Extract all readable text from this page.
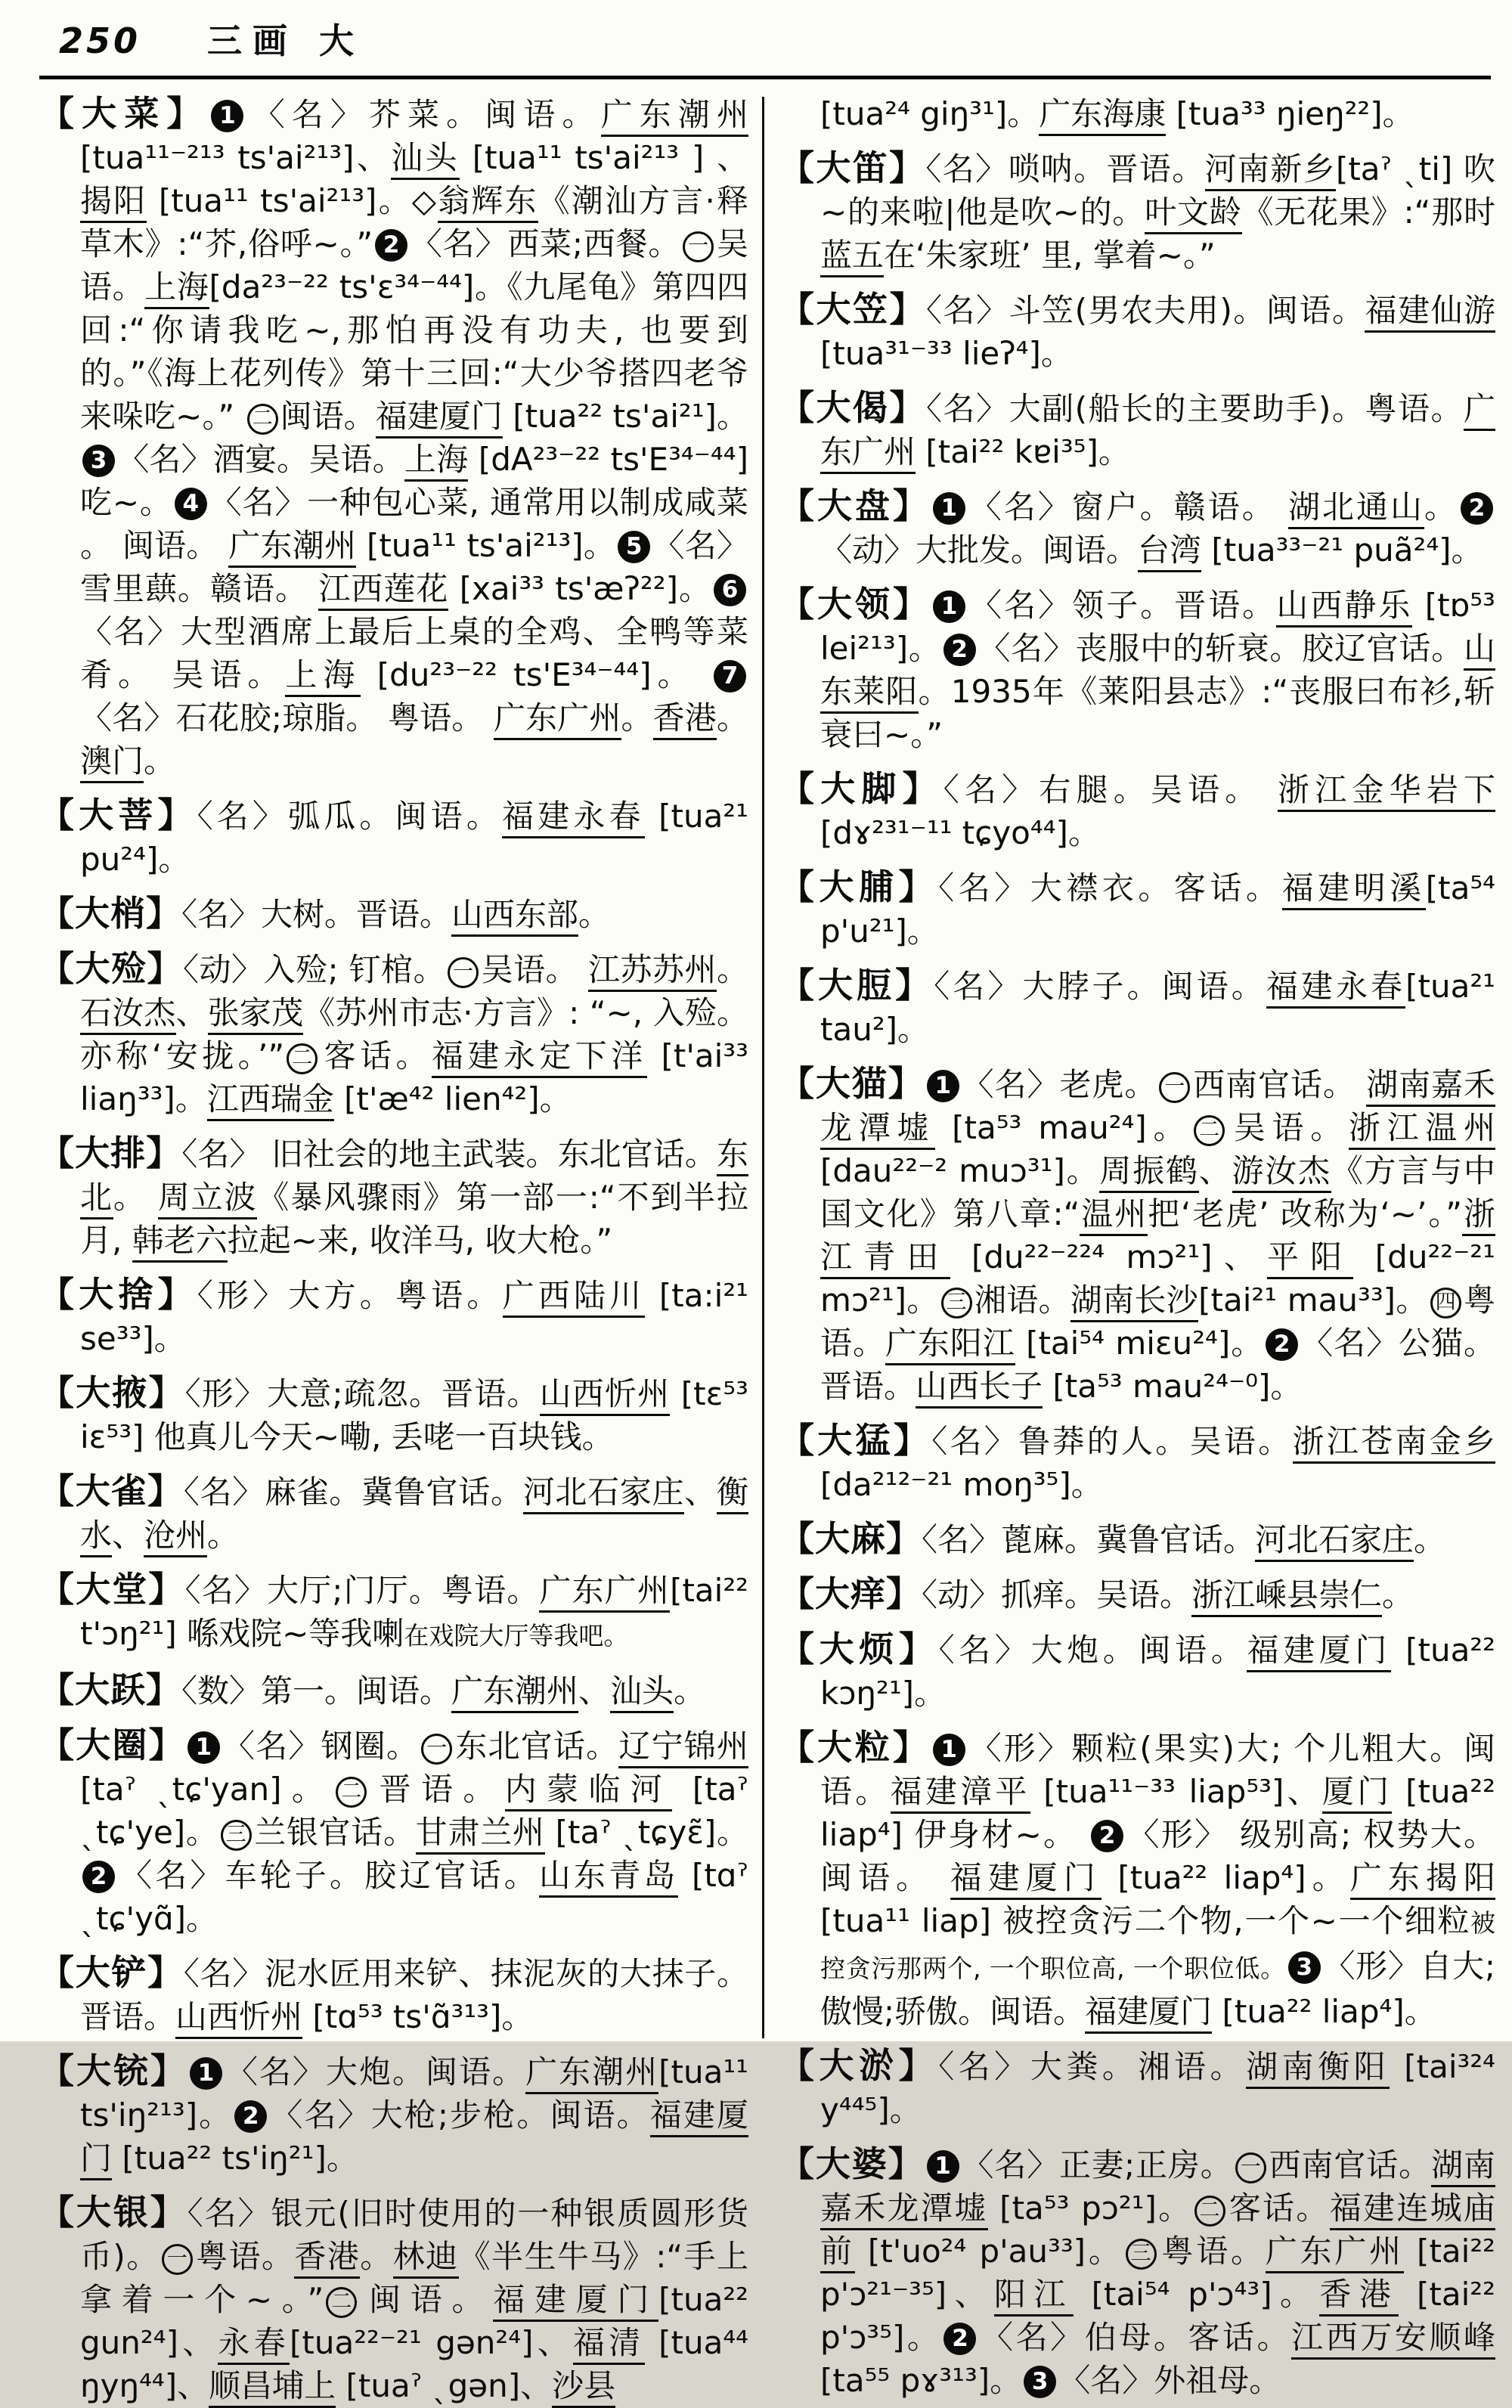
250 三画 大

【大菜】 1 〈名〉芥菜。闽语。广东潮州 [tua¹¹⁻²¹³ ts'ai²¹³]、汕头 [tua¹¹ ts'ai²¹³ ] 、揭阳 [tua¹¹ ts'ai²¹³]。◇翁辉东《潮汕方言·释草木》:“芥,俗呼~。” 2 〈名〉西菜;西餐。 一 吴语。上海[da²³⁻²² ts'ε³⁴⁻⁴⁴]。《九尾龟》第四四回:“你请我吃~,那怕再没有功夫, 也要到的。”《海上花列传》第十三回:“大少爷搭四老爷来哚吃~。” 二 闽语。福建厦门 [tua²² ts'ai²¹]。3 〈名〉酒宴。吴语。上海 [dA²³⁻²² ts'E³⁴⁻⁴⁴] 吃~。 4 〈名〉一种包心菜, 通常用以制成咸菜 。 闽语。 广东潮州 [tua¹¹ ts'ai²¹³]。 5 〈名〉雪里蕻。赣语。 江西莲花 [xai³³ ts'æʔ²²]。 6〈名〉大型酒席上最后上桌的全鸡、全鸭等菜肴。 吴语。上海 [du²³⁻²² ts'E³⁴⁻⁴⁴]。 7〈名〉石花胶;琼脂。 粤语。 广东广州。香港。 澳门。

【大菩】〈名〉弧瓜。闽语。福建永春 [tua²¹ pu²⁴]。

【大梢】〈名〉大树。晋语。山西东部。

【大殓】〈动〉入殓; 钉棺。 一 吴语。 江苏苏州。石汝杰、张家茂《苏州市志·方言》: “~, 入殓。亦称‘安拢。’” 二 客话。福建永定下洋 [t'ai³³ liaŋ³³]。江西瑞金 [t'æ⁴² lien⁴²]。

【大排】〈名〉 旧社会的地主武装。东北官话。东北。 周立波《暴风骤雨》第一部一:“不到半拉月, 韩老六拉起~来, 收洋马, 收大枪。”

【大捨】〈形〉大方。粤语。广西陆川 [ta:i²¹ se³³]。

【大掖】〈形〉大意;疏忽。晋语。山西忻州 [tɛ⁵³ iɛ⁵³] 他真儿今天~嘞, 丢咾一百块钱。

【大雀】〈名〉麻雀。冀鲁官话。河北石家庄、衡水、沧州。

【大堂】〈名〉大厅;门厅。粤语。广东广州[tai²² t'ɔŋ²¹] 喺戏院~等我喇在戏院大厅等我吧。

【大跃】〈数〉第一。闽语。广东潮州、汕头。

【大圈】 1 〈名〉钢圈。 一 东北官话。辽宁锦州 [taˀ ˎtɕ'yan]。 二 晋语。内蒙临河 [taˀ ˎtɕ'ye]。 三 兰银官话。甘肃兰州 [taˀ ˎtɕyɛ̃]。2 〈名〉车轮子。胶辽官话。山东青岛 [tɑˀ ˎtɕ'yɑ̃]。

【大铲】〈名〉泥水匠用来铲、抹泥灰的大抹子。晋语。山西忻州 [tɑ⁵³ ts'ɑ̃³¹³]。

【大铳】 1 〈名〉大炮。闽语。广东潮州[tua¹¹ ts'iŋ²¹³]。 2 〈名〉大枪;步枪。闽语。福建厦门 [tua²² ts'iŋ²¹]。

【大银】〈名〉银元(旧时使用的一种银质圆形货币)。 一 粤语。香港。林迪《半生牛马》:“手上拿着一个~。” 二 闽语。福建厦门[tua²² gun²⁴]、永春[tua²²⁻²¹ gən²⁴]、福清 [tua⁴⁴ ŋyŋ⁴⁴]、顺昌埔上 [tuaˀ ˎgən]、沙县

[tua²⁴ giŋ³¹]。广东海康 [tua³³ ŋieŋ²²]。

【大笛】〈名〉唢呐。晋语。河南新乡[taˀ ˎti] 吹~的来啦|他是吹~的。叶文龄《无花果》:“那时蓝五在‘朱家班’ 里, 掌着~。”

【大笠】〈名〉斗笠(男农夫用)。闽语。福建仙游[tua³¹⁻³³ lieʔ⁴]。

【大偈】〈名〉大副(船长的主要助手)。粤语。广东广州 [tai²² kɐi³⁵]。

【大盘】 1 〈名〉窗户。赣语。 湖北通山。 2〈动〉大批发。闽语。台湾 [tua³³⁻²¹ puã²⁴]。

【大领】 1 〈名〉领子。晋语。山西静乐 [tɒ⁵³ lei²¹³]。 2 〈名〉丧服中的斩衰。胶辽官话。山东莱阳。1935年《莱阳县志》:“丧服曰布衫,斩衰曰~。”

【大脚】〈名〉右腿。吴语。 浙江金华岩下 [dɤ²³¹⁻¹¹ tɕyo⁴⁴]。

【大脯】〈名〉大襟衣。客话。福建明溪[ta⁵⁴ p'u²¹]。

【大脰】〈名〉大脖子。闽语。福建永春[tua²¹ tau²]。

【大猫】 1 〈名〉老虎。 一 西南官话。 湖南嘉禾龙潭墟 [ta⁵³ mau²⁴]。 二 吴语。浙江温州[dau²²⁻² muɔ³¹]。周振鹤、游汝杰《方言与中国文化》第八章:“温州把‘老虎’ 改称为‘~’。”浙江青田 [du²²⁻²²⁴ mɔ²¹]、平阳 [du²²⁻²¹ mɔ²¹]。 三 湘语。湖南长沙[tai²¹ mau³³]。 四 粤语。广东阳江 [tai⁵⁴ miɛu²⁴]。 2 〈名〉公猫。晋语。山西长子 [ta⁵³ mau²⁴⁻⁰]。

【大猛】〈名〉鲁莽的人。吴语。浙江苍南金乡[da²¹²⁻²¹ moŋ³⁵]。

【大麻】〈名〉蓖麻。冀鲁官话。河北石家庄。

【大痒】〈动〉抓痒。吴语。浙江嵊县崇仁。

【大烦】〈名〉大炮。闽语。福建厦门 [tua²² kɔŋ²¹]。

【大粒】 1 〈形〉颗粒(果实)大; 个儿粗大。闽语。福建漳平 [tua¹¹⁻³³ liap⁵³]、厦门 [tua²² liap⁴] 伊身材~。 2 〈形〉 级别高; 权势大。 闽语。 福建厦门 [tua²² liap⁴]。广东揭阳 [tua¹¹ liap] 被控贪污二个物,一个~一个细粒被控贪污那两个, 一个职位高, 一个职位低。 3 〈形〉自大;傲慢;骄傲。闽语。福建厦门 [tua²² liap⁴]。

【大淤】〈名〉大粪。湘语。湖南衡阳 [tai³²⁴ y⁴⁴⁵]。

【大婆】 1 〈名〉正妻;正房。 一 西南官话。湖南嘉禾龙潭墟 [ta⁵³ pɔ²¹]。 二 客话。福建连城庙前 [t'uo²⁴ p'au³³]。 三 粤语。广东广州 [tai²² p'ɔ²¹⁻³⁵]、阳江 [tai⁵⁴ p'ɔ⁴³]。香港 [tai²² p'ɔ³⁵]。 2 〈名〉伯母。客话。江西万安顺峰[ta⁵⁵ pɤ³¹³]。 3 〈名〉外祖母。
